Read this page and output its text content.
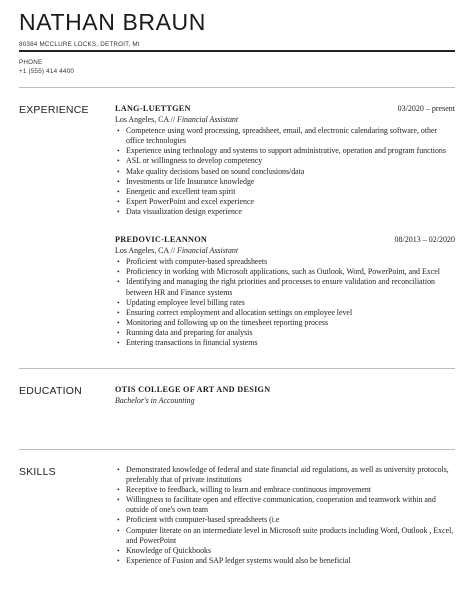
NATHAN BRAUN
80384 MCCLURE LOCKS, DETROIT, MI
PHONE
+1 (555) 414 4400
EXPERIENCE	LANG-LUETTGEN	03/2020 – present
Los Angeles, CA // Financial Assistant
• Competence using word processing, spreadsheet, email, and electronic calendaring software, other office technologies
• Experience using technology and systems to support administrative, operation and program functions
• ASL or willingness to develop competency
• Make quality decisions based on sound conclusions/data
• Investments or life Insurance knowledge
• Energetic and excellent team spirit
• Expert PowerPoint and excel experience
• Data visualization design experience
PREDOVIC-LEANNON	08/2013 – 02/2020
Los Angeles, CA // Financial Assistant
• Proficient with computer-based spreadsheets
• Proficiency in working with Microsoft applications, such as Outlook, Word, PowerPoint, and Excel
• Identifying and managing the right priorities and processes to ensure validation and reconciliation between HR and Finance systems
• Updating employee level billing rates
• Ensuring correct employment and allocation settings on employee level
• Monitoring and following up on the timesheet reporting process
• Running data and preparing for analysis
• Entering transactions in financial systems
EDUCATION	OTIS COLLEGE OF ART AND DESIGN
Bachelor's in Accounting
SKILLS
•	Demonstrated knowledge of federal and state financial aid regulations, as well as university protocols, preferably that of private institutions
• Receptive to feedback, willing to learn and embrace continuous improvement
• Willingness to facilitate open and effective communication, cooperation and teamwork within and outside of one's own team
• Proficient with computer-based spreadsheets (i.e
• Computer literate on an intermediate level in Microsoft suite products including Word, Outlook , Excel, and PowerPoint
• Knowledge of Quickbooks
• Experience of Fusion and SAP ledger systems would also be beneficial
